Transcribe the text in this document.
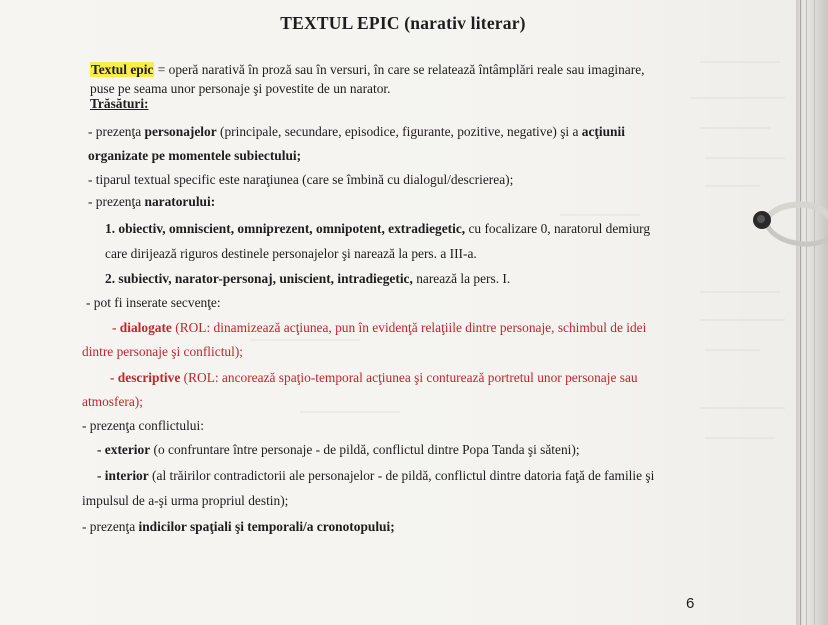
TEXTUL EPIC (narativ literar)
Textul epic = operă narativă în proză sau în versuri, în care se relatează întâmplări reale sau imaginare,
puse pe seama unor personaje şi povestite de un narator.
Trăsături:
- prezenţa personajelor (principale, secundare, episodice, figurante, pozitive, negative) şi a acţiunii
organizate pe momentele subiectului;
- tiparul textual specific este naraţiunea (care se îmbină cu dialogul/descrierea);
- prezenţa naratorului:
1. obiectiv, omniscient, omniprezent, omnipotent, extradiegetic, cu focalizare 0, naratorul demiurg
care dirijează riguros destinele personajelor şi narează la pers. a III-a.
2. subiectiv, narator-personaj, uniscient, intradiegetic, narează la pers. I.
- pot fi inserate secvenţe:
- dialogate (ROL: dinamizează acţiunea, pun în evidenţă relaţiile dintre personaje, schimbul de idei
dintre personaje şi conflictul);
- descriptive (ROL: ancorează spaţio-temporal acţiunea şi conturează portretul unor personaje sau
atmosfera);
- prezenţa conflictului:
- exterior (o confruntare între personaje - de pildă, conflictul dintre Popa Tanda şi săteni);
- interior (al trăirilor contradictorii ale personajelor - de pildă, conflictul dintre datoria faţă de familie şi
impulsul de a-şi urma propriul destin);
- prezenţa indicilor spaţiali şi temporali/a cronotopului;
6
